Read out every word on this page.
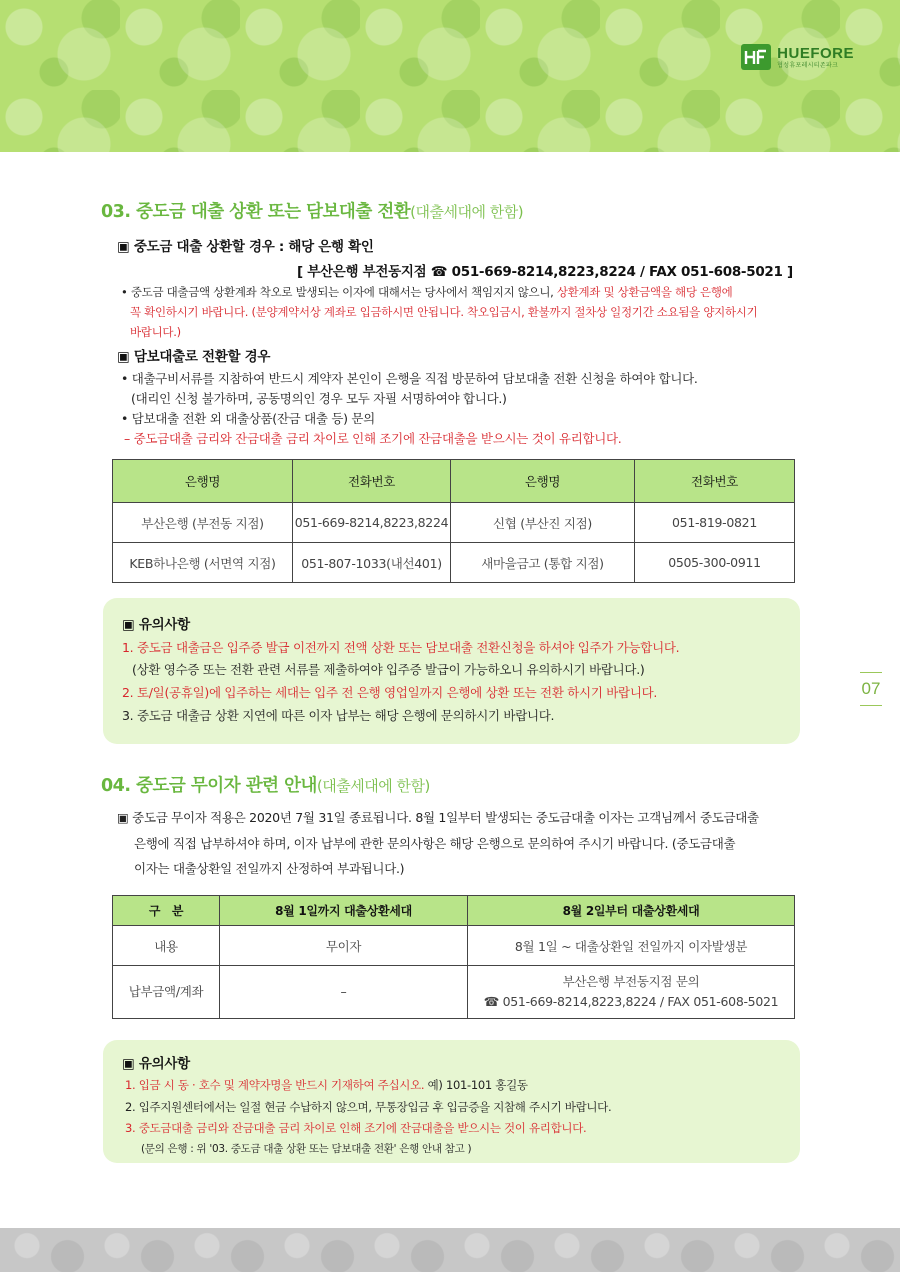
HUEFORE
협성휴포레시티존파크
07
03. 중도금 대출 상환 또는 담보대출 전환(대출세대에 한함)
▣ 중도금 대출 상환할 경우 : 해당 은행 확인
[ 부산은행 부전동지점 ☎ 051-669-8214,8223,8224 / FAX 051-608-5021 ]
• 중도금 대출금액 상환계좌 착오로 발생되는 이자에 대해서는 당사에서 책임지지 않으니, 상환계좌 및 상환금액을 해당 은행에
꼭 확인하시기 바랍니다. (분양계약서상 계좌로 입금하시면 안됩니다. 착오입금시, 환불까지 절차상 일정기간 소요됨을 양지하시기
바랍니다.)
▣ 담보대출로 전환할 경우
• 대출구비서류를 지참하여 반드시 계약자 본인이 은행을 직접 방문하여 담보대출 전환 신청을 하여야 합니다.
(대리인 신청 불가하며, 공동명의인 경우 모두 자필 서명하여야 합니다.)
• 담보대출 전환 외 대출상품(잔금 대출 등) 문의
– 중도금대출 금리와 잔금대출 금리 차이로 인해 조기에 잔금대출을 받으시는 것이 유리합니다.
은행명	전화번호	은행명	전화번호
부산은행 (부전동 지점)	051-669-8214,8223,8224	신협 (부산진 지점)	051-819-0821
KEB하나은행 (서면역 지점)	051-807-1033(내선401)	새마을금고 (통합 지점)	0505-300-0911
▣ 유의사항
1. 중도금 대출금은 입주증 발급 이전까지 전액 상환 또는 담보대출 전환신청을 하셔야 입주가 가능합니다.
(상환 영수증 또는 전환 관련 서류를 제출하여야 입주증 발급이 가능하오니 유의하시기 바랍니다.)
2. 토/일(공휴일)에 입주하는 세대는 입주 전 은행 영업일까지 은행에 상환 또는 전환 하시기 바랍니다.
3. 중도금 대출금 상환 지연에 따른 이자 납부는 해당 은행에 문의하시기 바랍니다.
04. 중도금 무이자 관련 안내(대출세대에 한함)
▣ 중도금 무이자 적용은 2020년 7월 31일 종료됩니다. 8월 1일부터 발생되는 중도금대출 이자는 고객님께서 중도금대출
은행에 직접 납부하셔야 하며, 이자 납부에 관한 문의사항은 해당 은행으로 문의하여 주시기 바랍니다. (중도금대출
이자는 대출상환일 전일까지 산정하여 부과됩니다.)
구   분	8월 1일까지 대출상환세대	8월 2일부터 대출상환세대
내용	무이자	8월 1일 ~ 대출상환일 전일까지 이자발생분
납부금액/계좌	–	부산은행 부전동지점 문의
☎ 051-669-8214,8223,8224 / FAX 051-608-5021
▣ 유의사항
1. 입금 시 동 · 호수 및 계약자명을 반드시 기재하여 주십시오. 예) 101-101 홍길동
2. 입주지원센터에서는 일절 현금 수납하지 않으며, 무통장입금 후 입금증을 지참해 주시기 바랍니다.
3. 중도금대출 금리와 잔금대출 금리 차이로 인해 조기에 잔금대출을 받으시는 것이 유리합니다.
(문의 은행 : 위 '03. 중도금 대출 상환 또는 담보대출 전환' 은행 안내 참고 )
